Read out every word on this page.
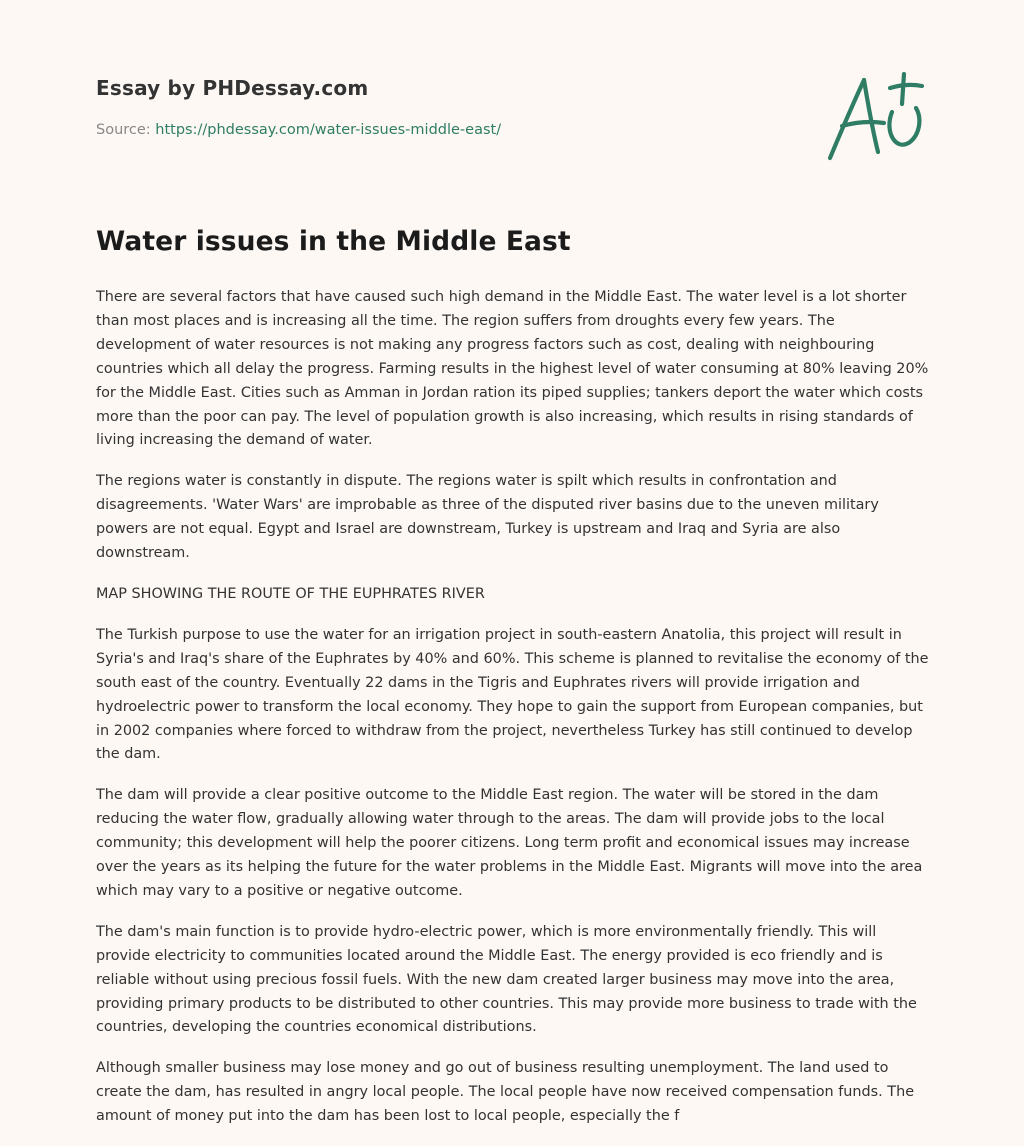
Essay by PHDessay.com
Source: https://phdessay.com/water-issues-middle-east/
Water issues in the Middle East

There are several factors that have caused such high demand in the Middle East. The water level is a lot shorter than most places and is increasing all the time. The region suffers from droughts every few years. The development of water resources is not making any progress factors such as cost, dealing with neighbouring countries which all delay the progress. Farming results in the highest level of water consuming at 80% leaving 20% for the Middle East. Cities such as Amman in Jordan ration its piped supplies; tankers deport the water which costs more than the poor can pay. The level of population growth is also increasing, which results in rising standards of living increasing the demand of water.

The regions water is constantly in dispute. The regions water is spilt which results in confrontation and disagreements. 'Water Wars' are improbable as three of the disputed river basins due to the uneven military powers are not equal. Egypt and Israel are downstream, Turkey is upstream and Iraq and Syria are also downstream.

MAP SHOWING THE ROUTE OF THE EUPHRATES RIVER

The Turkish purpose to use the water for an irrigation project in south-eastern Anatolia, this project will result in Syria's and Iraq's share of the Euphrates by 40% and 60%. This scheme is planned to revitalise the economy of the south east of the country. Eventually 22 dams in the Tigris and Euphrates rivers will provide irrigation and hydroelectric power to transform the local economy. They hope to gain the support from European companies, but in 2002 companies where forced to withdraw from the project, nevertheless Turkey has still continued to develop the dam.

The dam will provide a clear positive outcome to the Middle East region. The water will be stored in the dam reducing the water flow, gradually allowing water through to the areas. The dam will provide jobs to the local community; this development will help the poorer citizens. Long term profit and economical issues may increase over the years as its helping the future for the water problems in the Middle East. Migrants will move into the area which may vary to a positive or negative outcome.

The dam's main function is to provide hydro-electric power, which is more environmentally friendly. This will provide electricity to communities located around the Middle East. The energy provided is eco friendly and is reliable without using precious fossil fuels. With the new dam created larger business may move into the area, providing primary products to be distributed to other countries. This may provide more business to trade with the countries, developing the countries economical distributions.

Although smaller business may lose money and go out of business resulting unemployment. The land used to create the dam, has resulted in angry local people. The local people have now received compensation funds. The amount of money put into the dam has been lost to local people, especially the f
